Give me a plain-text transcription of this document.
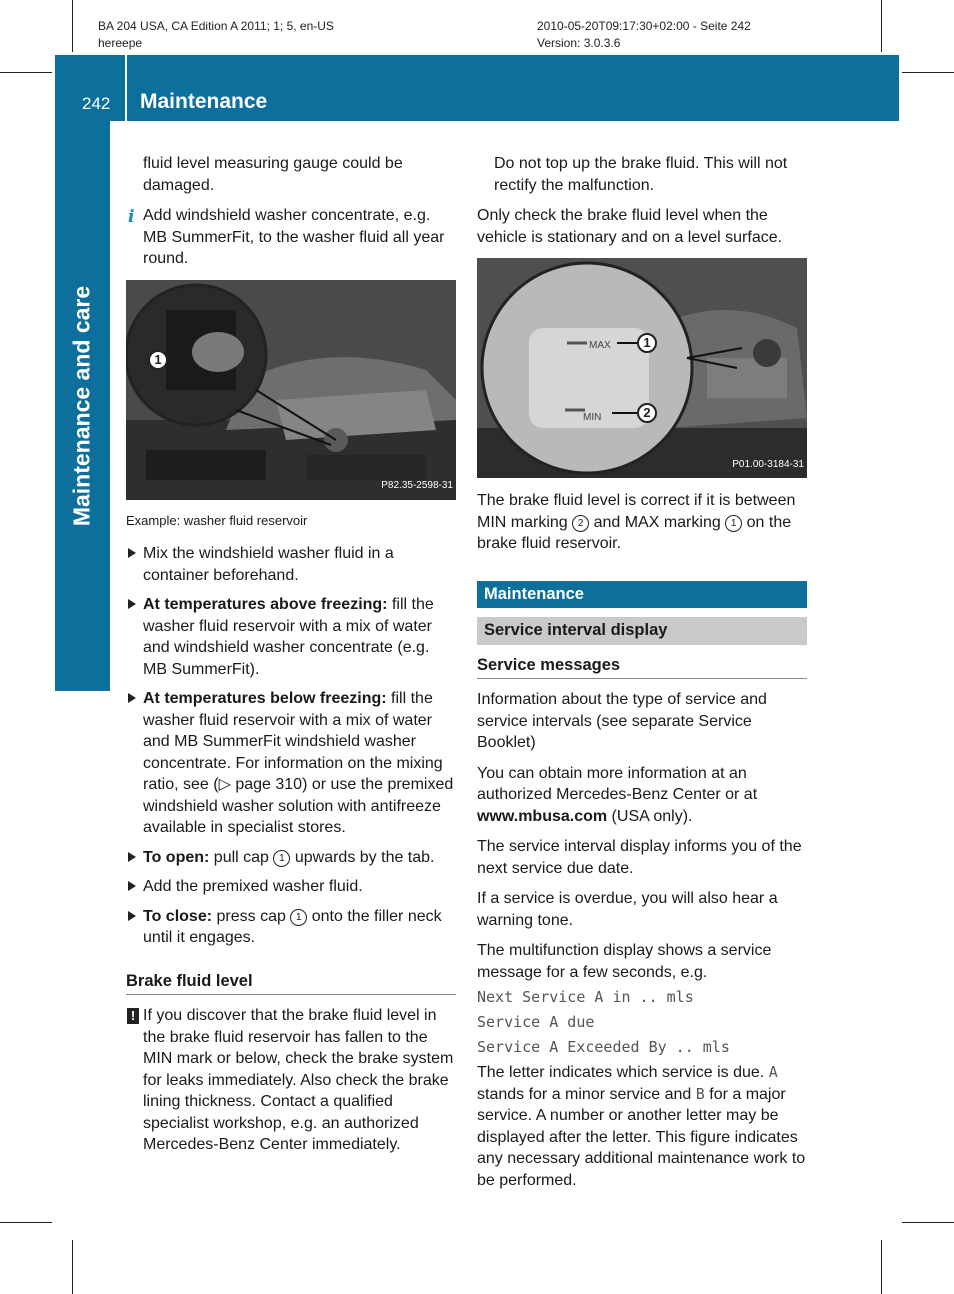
BA 204 USA, CA Edition A 2011; 1; 5, en-US
hereepe
2010-05-20T09:17:30+02:00 - Seite 242
Version: 3.0.3.6
242 Maintenance
Maintenance and care

fluid level measuring gauge could be damaged.

i Add windshield washer concentrate, e.g. MB SummerFit, to the washer fluid all year round.
1
P82.35-2598-31
Example: washer fluid reservoir
Mix the windshield washer fluid in a container beforehand.
At temperatures above freezing: fill the washer fluid reservoir with a mix of water and windshield washer concentrate (e.g. MB SummerFit).
At temperatures below freezing: fill the washer fluid reservoir with a mix of water and MB SummerFit windshield washer concentrate. For information on the mixing ratio, see (▷ page 310) or use the premixed windshield washer solution with antifreeze available in specialist stores.
To open: pull cap 1 upwards by the tab.
Add the premixed washer fluid.
To close: press cap 1 onto the filler neck until it engages.
Brake fluid level
! If you discover that the brake fluid level in the brake fluid reservoir has fallen to the MIN mark or below, check the brake system for leaks immediately. Also check the brake lining thickness. Contact a qualified specialist workshop, e.g. an authorized Mercedes-Benz Center immediately.

Do not top up the brake fluid. This will not rectify the malfunction.

Only check the brake fluid level when the vehicle is stationary and on a level surface.

MAX
MIN
1
2
P01.00-3184-31

The brake fluid level is correct if it is between MIN marking 2 and MAX marking 1 on the brake fluid reservoir.

Maintenance
Service interval display
Service messages

Information about the type of service and service intervals (see separate Service Booklet)

You can obtain more information at an authorized Mercedes-Benz Center or at www.mbusa.com (USA only).

The service interval display informs you of the next service due date.

If a service is overdue, you will also hear a warning tone.

The multifunction display shows a service message for a few seconds, e.g.

Next Service A in .. mls
Service A due
Service A Exceeded By .. mls

The letter indicates which service is due. A stands for a minor service and B for a major service. A number or another letter may be displayed after the letter. This figure indicates any necessary additional maintenance work to be performed.
